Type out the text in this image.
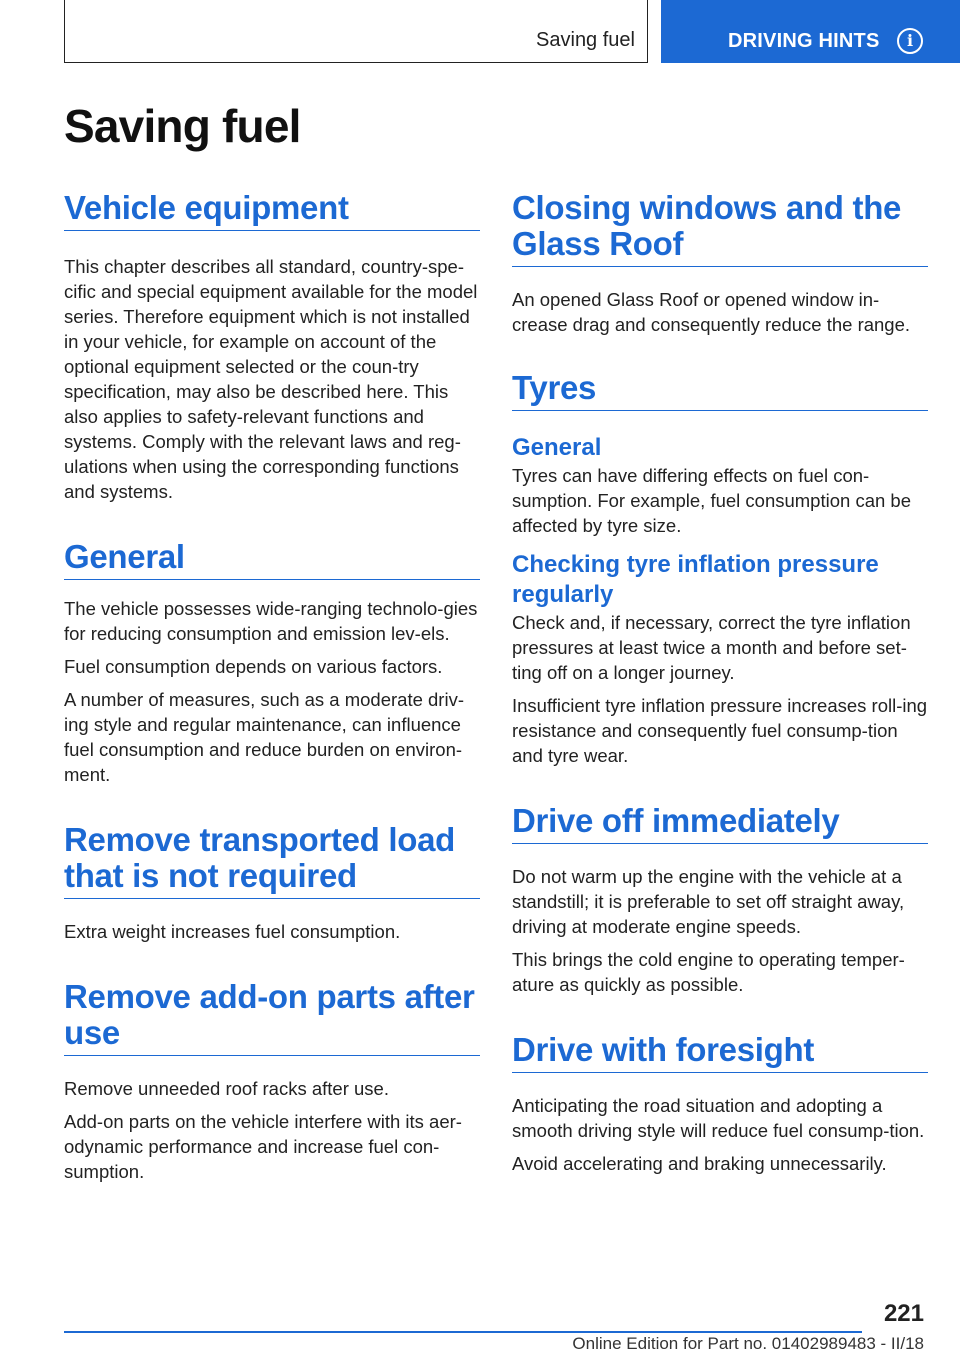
Saving fuel	DRIVING HINTS	i
Saving fuel
Vehicle equipment

This chapter describes all standard, country-spe-cific and special equipment available for the model series. Therefore equipment which is not installed in your vehicle, for example on account of the optional equipment selected or the coun-try specification, may also be described here. This also applies to safety-relevant functions and systems. Comply with the relevant laws and reg-ulations when using the corresponding functions and systems.

General

The vehicle possesses wide-ranging technolo-gies for reducing consumption and emission lev-els.

Fuel consumption depends on various factors.

A number of measures, such as a moderate driv-ing style and regular maintenance, can influence fuel consumption and reduce burden on environ-ment.

Remove transported load that is not required

Extra weight increases fuel consumption.

Remove add-on parts after use

Remove unneeded roof racks after use.

Add-on parts on the vehicle interfere with its aer-odynamic performance and increase fuel con-sumption.

Closing windows and the Glass Roof

An opened Glass Roof or opened window in-crease drag and consequently reduce the range.

Tyres
General

Tyres can have differing effects on fuel con-sumption. For example, fuel consumption can be affected by tyre size.

Checking tyre inflation pressure regularly

Check and, if necessary, correct the tyre inflation pressures at least twice a month and before set-ting off on a longer journey.

Insufficient tyre inflation pressure increases roll-ing resistance and consequently fuel consump-tion and tyre wear.

Drive off immediately

Do not warm up the engine with the vehicle at a standstill; it is preferable to set off straight away, driving at moderate engine speeds.

This brings the cold engine to operating temper-ature as quickly as possible.

Drive with foresight

Anticipating the road situation and adopting a smooth driving style will reduce fuel consump-tion.

Avoid accelerating and braking unnecessarily.

221
Online Edition for Part no. 01402989483 - II/18
